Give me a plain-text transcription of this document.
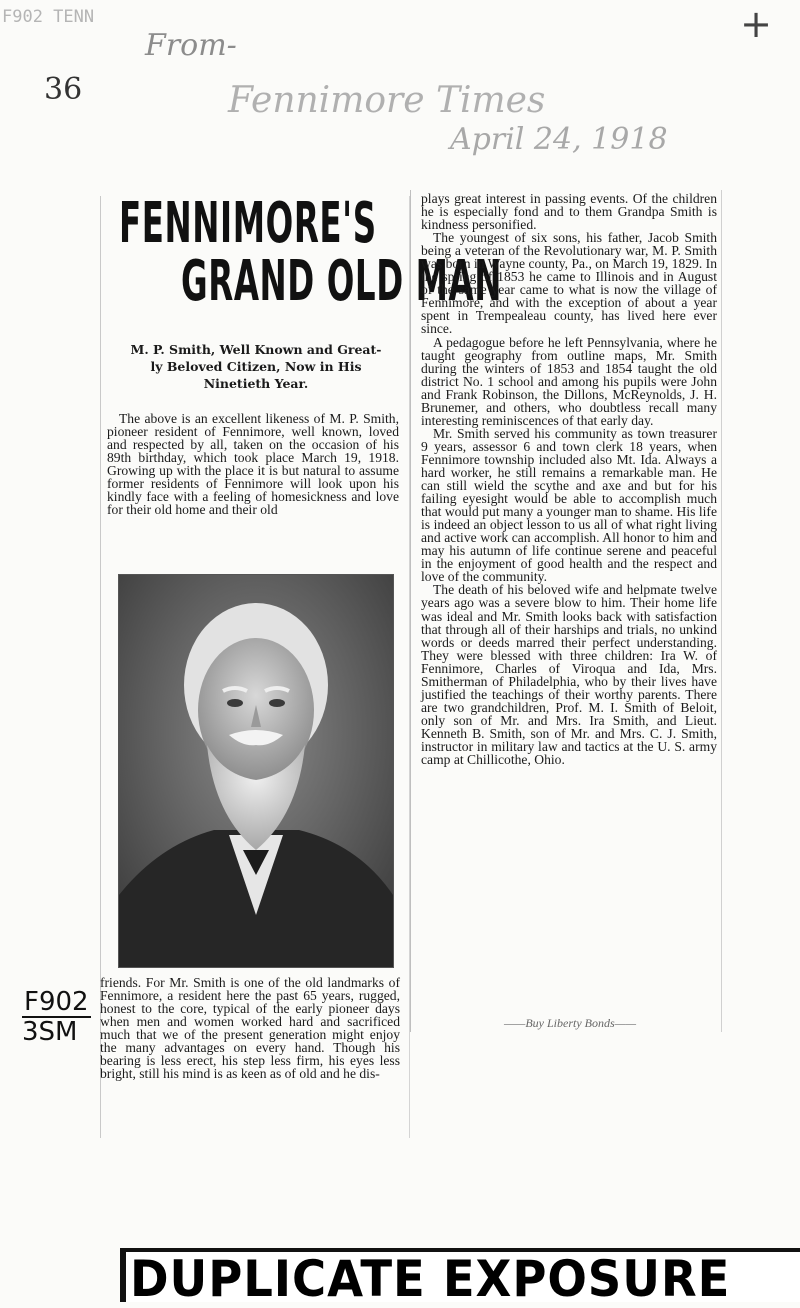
F902 TENN
From-
36	Fennimore Times
April 24, 1918
+
FENNIMORE'S
GRAND OLD MAN

M. P. Smith, Well Known and Great-

ly Beloved Citizen, Now in His

Ninetieth Year.

The above is an excellent likeness of M. P. Smith, pioneer resident of Fennimore, well known, loved and respected by all, taken on the occasion of his 89th birthday, which took place March 19, 1918. Growing up with the place it is but natural to assume former residents of Fennimore will look upon his kindly face with a feeling of homesickness and love for their old home and their old

friends. For Mr. Smith is one of the old landmarks of Fennimore, a resident here the past 65 years, rugged, honest to the core, typical of the early pioneer days when men and women worked hard and sacrificed much that we of the present generation might enjoy the many advantages on every hand. Though his bearing is less erect, his step less firm, his eyes less bright, still his mind is as keen as of old and he dis-

plays great interest in passing events. Of the children he is especially fond and to them Grandpa Smith is kindness personified.

The youngest of six sons, his father, Jacob Smith being a veteran of the Revolutionary war, M. P. Smith was born in Wayne county, Pa., on March 19, 1829. In the spring of 1853 he came to Illinois and in August of the same year came to what is now the village of Fennimore, and with the exception of about a year spent in Trempealeau county, has lived here ever since.

A pedagogue before he left Pennsylvania, where he taught geography from outline maps, Mr. Smith during the winters of 1853 and 1854 taught the old district No. 1 school and among his pupils were John and Frank Robinson, the Dillons, McReynolds, J. H. Brunemer, and others, who doubtless recall many interesting reminiscences of that early day.

Mr. Smith served his community as town treasurer 9 years, assessor 6 and town clerk 18 years, when Fennimore township included also Mt. Ida. Always a hard worker, he still remains a remarkable man. He can still wield the scythe and axe and but for his failing eyesight would be able to accomplish much that would put many a younger man to shame. His life is indeed an object lesson to us all of what right living and active work can accomplish. All honor to him and may his autumn of life continue serene and peaceful in the enjoyment of good health and the respect and love of the community.

The death of his beloved wife and helpmate twelve years ago was a severe blow to him. Their home life was ideal and Mr. Smith looks back with satisfaction that through all of their harships and trials, no unkind words or deeds marred their perfect understanding. They were blessed with three children: Ira W. of Fennimore, Charles of Viroqua and Ida, Mrs. Smitherman of Philadelphia, who by their lives have justified the teachings of their worthy parents. There are two grandchildren, Prof. M. I. Smith of Beloit, only son of Mr. and Mrs. Ira Smith, and Lieut. Kenneth B. Smith, son of Mr. and Mrs. C. J. Smith, instructor in military law and tactics at the U. S. army camp at Chillicothe, Ohio.

——Buy Liberty Bonds——
F902
3SM
DUPLICATE EXPOSURE
